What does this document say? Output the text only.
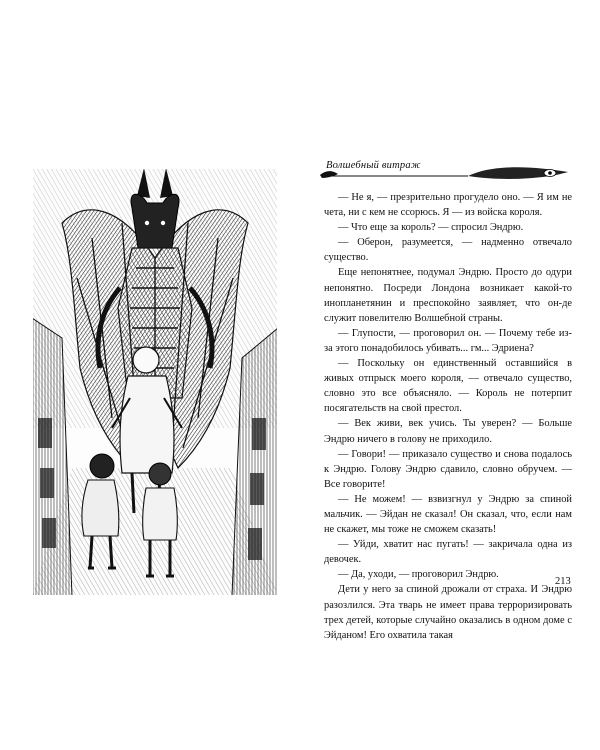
Волшебный витраж

— Не я, — презрительно прогудело оно. — Я им не чета, ни с кем не ссорюсь. Я — из войска короля.

— Что еще за король? — спросил Эндрю.

— Оберон, разумеется, — надменно отвечало существо.

Еще непонятнее, подумал Эндрю. Просто до одури непонятно. Посреди Лондона возникает какой-то инопланетянин и преспокойно заявляет, что он-де служит повелителю Волшебной страны.

— Глупости, — проговорил он. — Почему тебе из-за этого понадобилось убивать... гм... Эдриена?

— Поскольку он единственный оставшийся в живых отпрыск моего короля, — отвечало существо, словно это все объясняло. — Король не потерпит посягательств на свой престол.

— Век живи, век учись. Ты уверен? — Больше Эндрю ничего в голову не приходило.

— Говори! — приказало существо и снова подалось к Эндрю. Голову Эндрю сдавило, словно обручем. — Все говорите!

— Не можем! — взвизгнул у Эндрю за спиной мальчик. — Эйдан не сказал! Он сказал, что, если нам не скажет, мы тоже не сможем сказать!

— Уйди, хватит нас пугать! — закричала одна из девочек.

— Да, уходи, — проговорил Эндрю.

Дети у него за спиной дрожали от страха. И Эндрю разозлился. Эта тварь не имеет права терроризировать трех детей, которые случайно оказались в одном доме с Эйданом! Его охватила такая

213
